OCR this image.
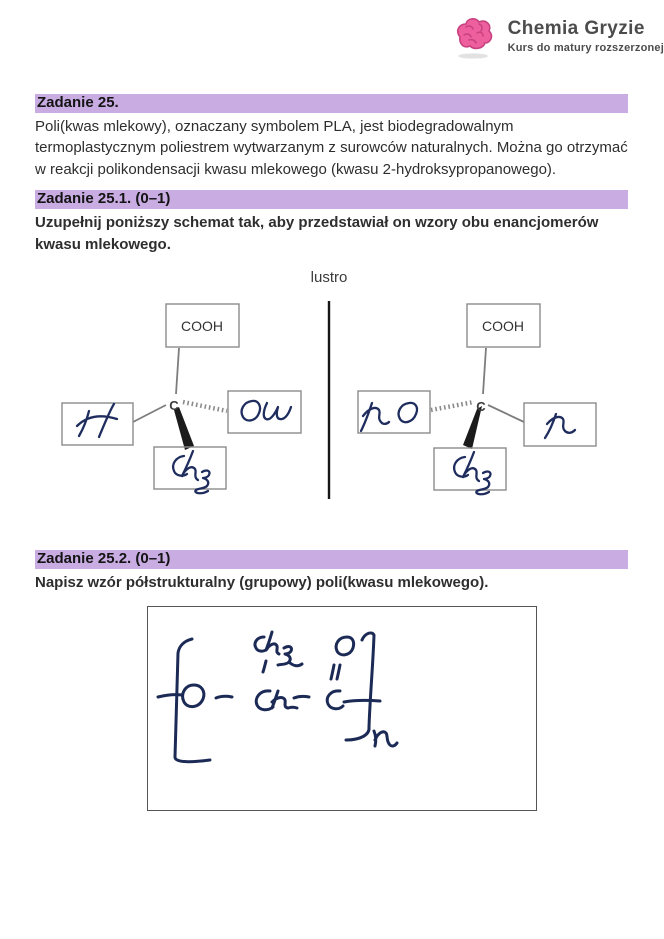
Chemia Gryzie
Kurs do matury rozszerzonej
Zadanie 25.

Poli(kwas mlekowy), oznaczany symbolem PLA, jest biodegradowalnym termoplastycznym poliestrem wytwarzanym z surowców naturalnych. Można go otrzymać w reakcji polikondensacji kwasu mlekowego (kwasu 2-hydroksypropanowego).

Zadanie 25.1. (0–1)

Uzupełnij poniższy schemat tak, aby przedstawiał on wzory obu enancjomerów kwasu mlekowego.

lustro
COOH
C
COOH
C
Zadanie 25.2. (0–1)

Napisz wzór półstrukturalny (grupowy) poli(kwasu mlekowego).
